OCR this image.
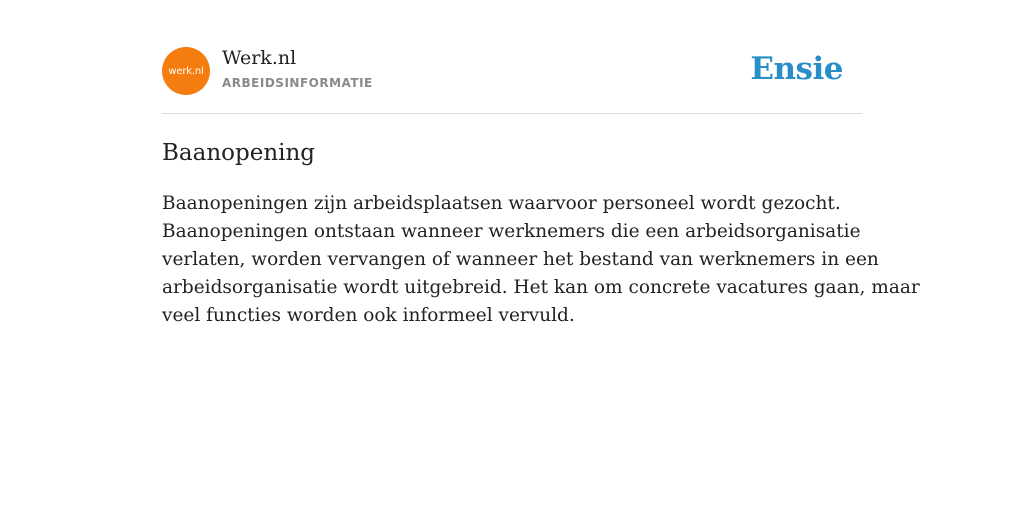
werk.nl
Werk.nl
ARBEIDSINFORMATIE	Ensie
Baanopening

Baanopeningen zijn arbeidsplaatsen waarvoor personeel wordt gezocht.
Baanopeningen ontstaan wanneer werknemers die een arbeidsorganisatie
verlaten, worden vervangen of wanneer het bestand van werknemers in een
arbeidsorganisatie wordt uitgebreid. Het kan om concrete vacatures gaan, maar
veel functies worden ook informeel vervuld.
